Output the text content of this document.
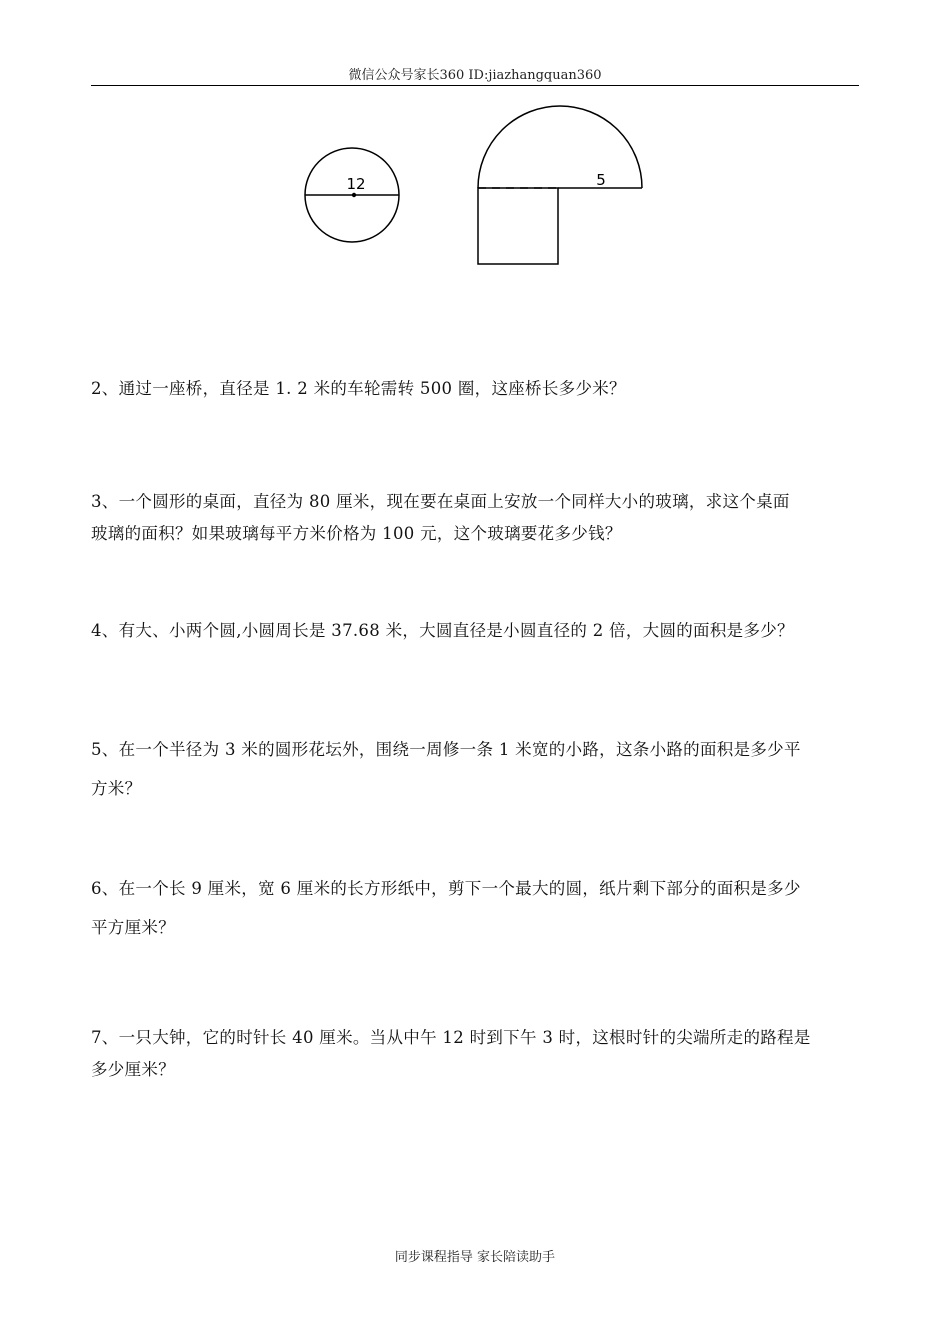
微信公众号家长360 ID:jiazhangquan360
12	5
2、通过一座桥，直径是 1. 2 米的车轮需转 500 圈，这座桥长多少米？
3、一个圆形的桌面，直径为 80 厘米，现在要在桌面上安放一个同样大小的玻璃，求这个桌面
玻璃的面积？如果玻璃每平方米价格为 100 元，这个玻璃要花多少钱？
4、有大、小两个圆,小圆周长是 37.68 米，大圆直径是小圆直径的 2 倍，大圆的面积是多少？
5、在一个半径为 3 米的圆形花坛外，围绕一周修一条 1 米宽的小路，这条小路的面积是多少平
方米？
6、在一个长 9 厘米，宽 6 厘米的长方形纸中，剪下一个最大的圆，纸片剩下部分的面积是多少
平方厘米？
7、一只大钟，它的时针长 40 厘米。当从中午 12 时到下午 3 时，这根时针的尖端所走的路程是
多少厘米？
同步课程指导 家长陪读助手
